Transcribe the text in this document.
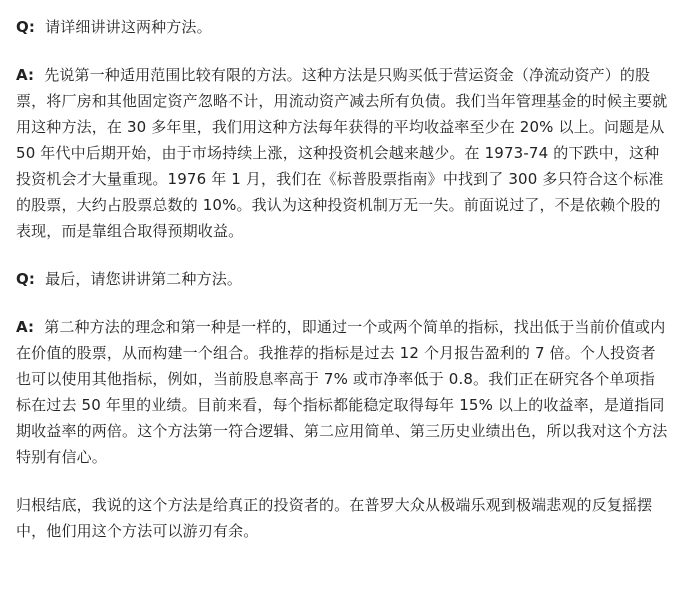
Q: 请详细讲讲这两种方法。

A: 先说第一种适用范围比较有限的方法。这种方法是只购买低于营运资金（净流动资产）的股票，将厂房和其他固定资产忽略不计，用流动资产减去所有负债。我们当年管理基金的时候主要就用这种方法，在 30 多年里，我们用这种方法每年获得的平均收益率至少在 20% 以上。问题是从 50 年代中后期开始，由于市场持续上涨，这种投资机会越来越少。在 1973-74 的下跌中，这种投资机会才大量重现。1976 年 1 月，我们在《标普股票指南》中找到了 300 多只符合这个标准的股票，大约占股票总数的 10%。我认为这种投资机制万无一失。前面说过了，不是依赖个股的表现，而是靠组合取得预期收益。

Q: 最后，请您讲讲第二种方法。

A: 第二种方法的理念和第一种是一样的，即通过一个或两个简单的指标，找出低于当前价值或内在价值的股票，从而构建一个组合。我推荐的指标是过去 12 个月报告盈利的 7 倍。个人投资者也可以使用其他指标，例如，当前股息率高于 7% 或市净率低于 0.8。我们正在研究各个单项指标在过去 50 年里的业绩。目前来看，每个指标都能稳定取得每年 15% 以上的收益率，是道指同期收益率的两倍。这个方法第一符合逻辑、第二应用简单、第三历史业绩出色，所以我对这个方法特别有信心。

归根结底，我说的这个方法是给真正的投资者的。在普罗大众从极端乐观到极端悲观的反复摇摆中，他们用这个方法可以游刃有余。
